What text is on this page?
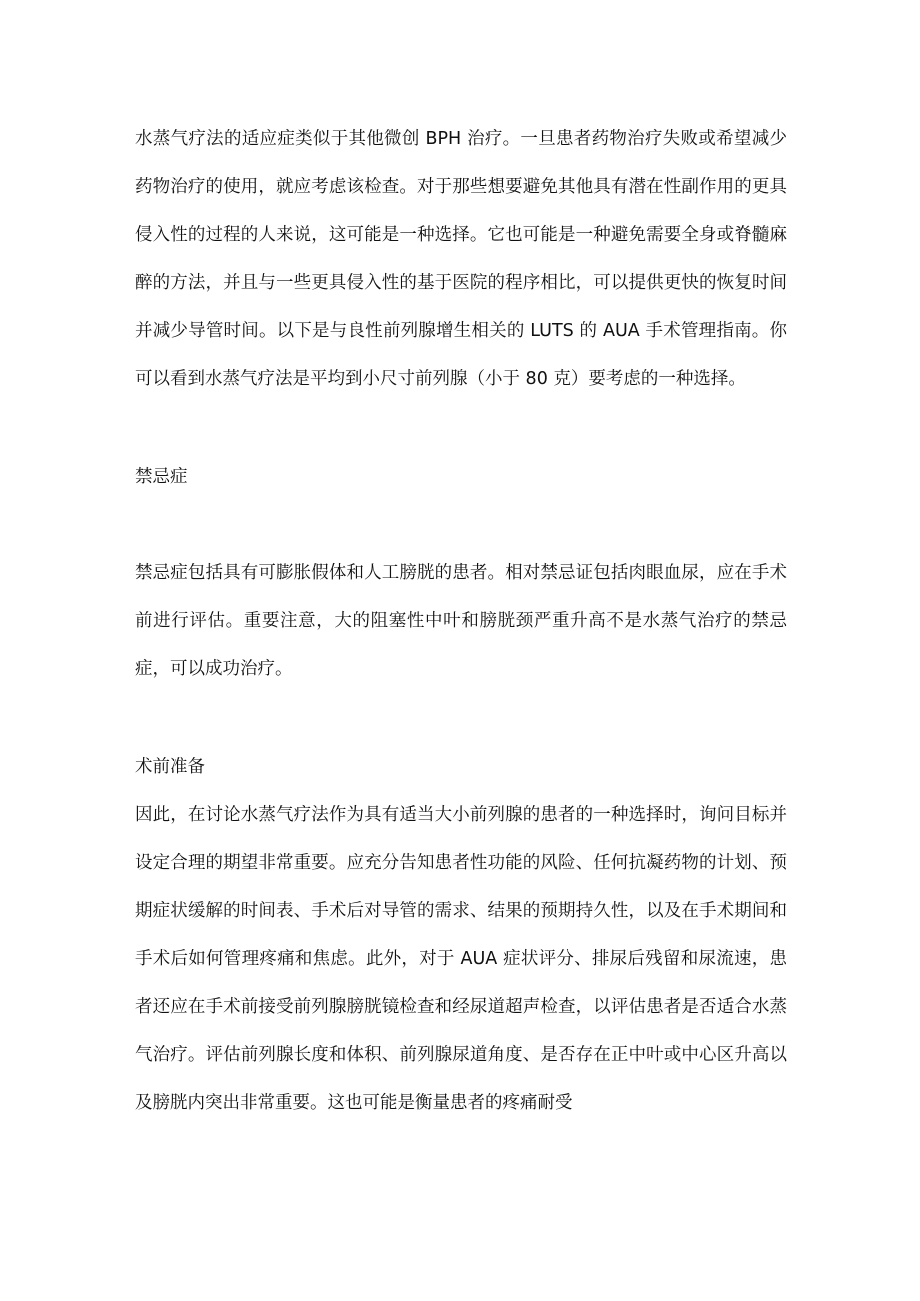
水蒸气疗法的适应症类似于其他微创 BPH 治疗。一旦患者药物治疗失败或希望减少药物治疗的使用，就应考虑该检查。对于那些想要避免其他具有潜在性副作用的更具侵入性的过程的人来说，这可能是一种选择。它也可能是一种避免需要全身或脊髓麻醉的方法，并且与一些更具侵入性的基于医院的程序相比，可以提供更快的恢复时间并减少导管时间。以下是与良性前列腺增生相关的 LUTS 的 AUA 手术管理指南。你可以看到水蒸气疗法是平均到小尺寸前列腺（小于 80 克）要考虑的一种选择。

禁忌症

禁忌症包括具有可膨胀假体和人工膀胱的患者。相对禁忌证包括肉眼血尿，应在手术前进行评估。重要注意，大的阻塞性中叶和膀胱颈严重升高不是水蒸气治疗的禁忌症，可以成功治疗。

术前准备

因此，在讨论水蒸气疗法作为具有适当大小前列腺的患者的一种选择时，询问目标并设定合理的期望非常重要。应充分告知患者性功能的风险、任何抗凝药物的计划、预期症状缓解的时间表、手术后对导管的需求、结果的预期持久性，以及在手术期间和手术后如何管理疼痛和焦虑。此外，对于 AUA 症状评分、排尿后残留和尿流速，患者还应在手术前接受前列腺膀胱镜检查和经尿道超声检查，以评估患者是否适合水蒸气治疗。评估前列腺长度和体积、前列腺尿道角度、是否存在正中叶或中心区升高以及膀胱内突出非常重要。这也可能是衡量患者的疼痛耐受
